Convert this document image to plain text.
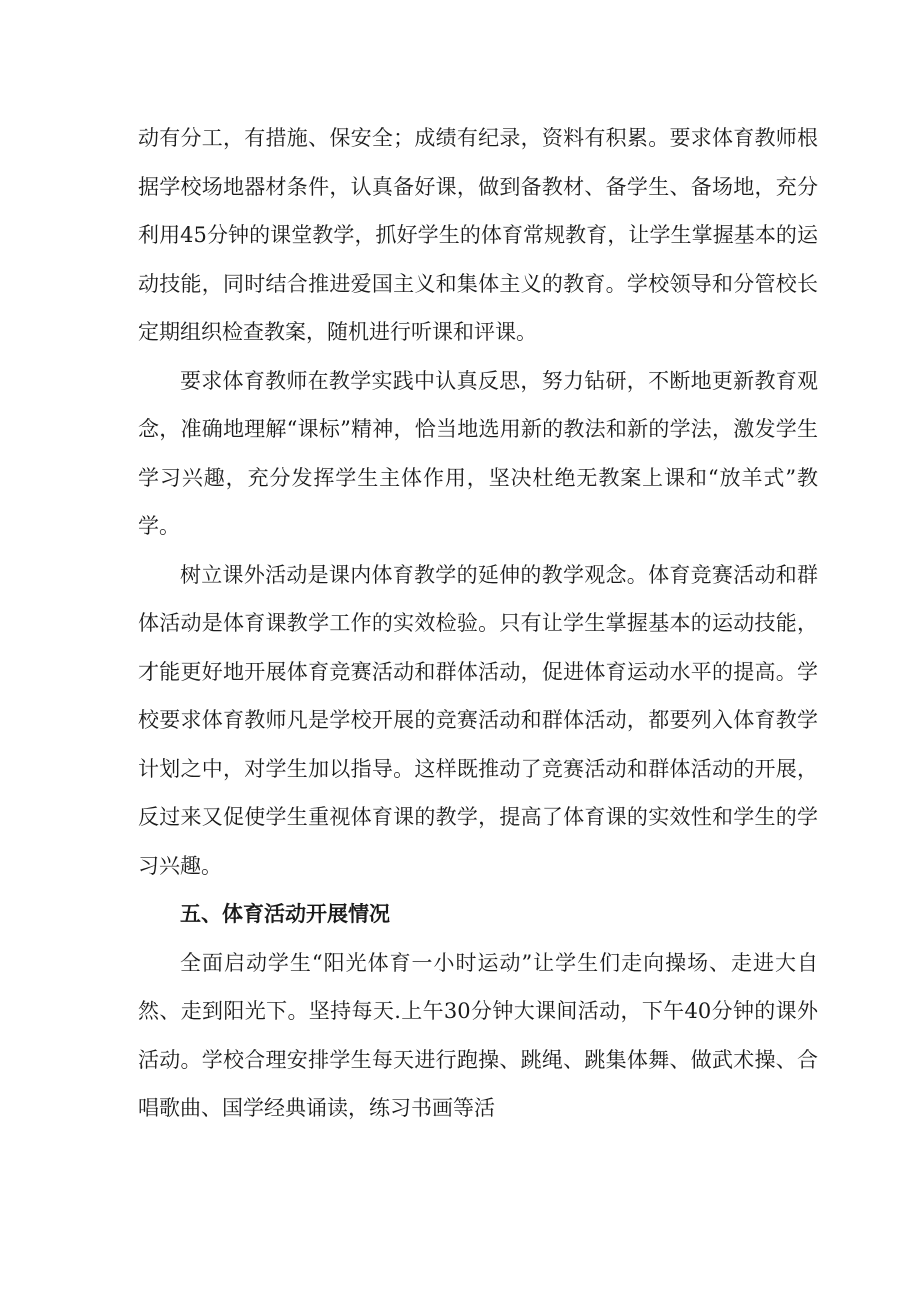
动有分工，有措施、保安全；成绩有纪录，资料有积累。要求体育教师根据学校场地器材条件，认真备好课，做到备教材、备学生、备场地，充分利用45分钟的课堂教学，抓好学生的体育常规教育，让学生掌握基本的运动技能，同时结合推进爱国主义和集体主义的教育。学校领导和分管校长定期组织检查教案，随机进行听课和评课。

要求体育教师在教学实践中认真反思，努力钻研，不断地更新教育观念，准确地理解“课标”精神，恰当地选用新的教法和新的学法，激发学生学习兴趣，充分发挥学生主体作用，坚决杜绝无教案上课和“放羊式”教学。

树立课外活动是课内体育教学的延伸的教学观念。体育竞赛活动和群体活动是体育课教学工作的实效检验。只有让学生掌握基本的运动技能，才能更好地开展体育竞赛活动和群体活动，促进体育运动水平的提高。学校要求体育教师凡是学校开展的竞赛活动和群体活动，都要列入体育教学计划之中，对学生加以指导。这样既推动了竞赛活动和群体活动的开展，反过来又促使学生重视体育课的教学，提高了体育课的实效性和学生的学习兴趣。

五、体育活动开展情况

全面启动学生“阳光体育一小时运动”让学生们走向操场、走进大自然、走到阳光下。坚持每天.上午30分钟大课间活动，下午40分钟的课外活动。学校合理安排学生每天进行跑操、跳绳、跳集体舞、做武术操、合唱歌曲、国学经典诵读，练习书画等活
